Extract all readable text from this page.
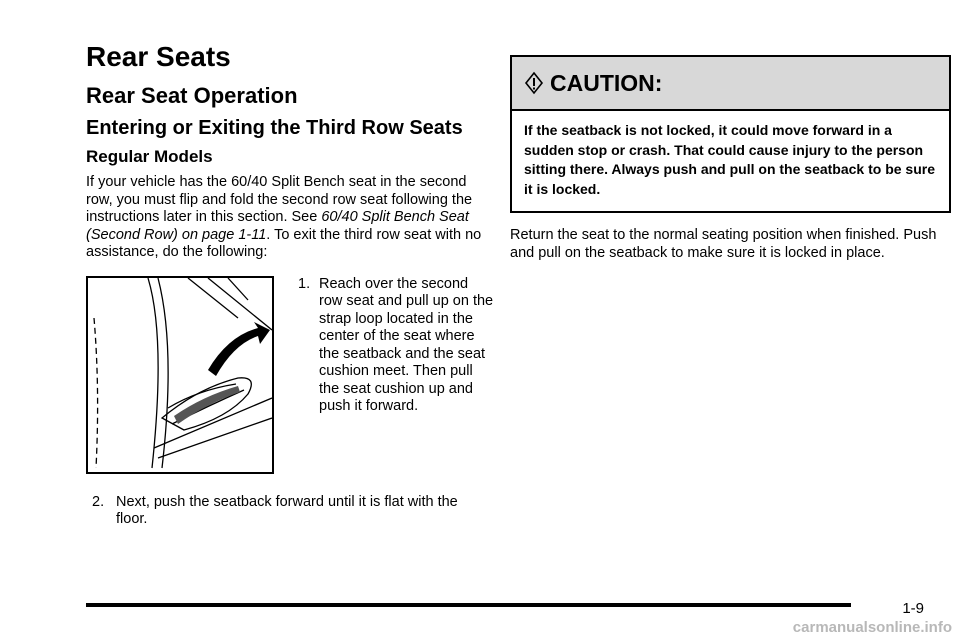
Rear Seats
Rear Seat Operation
Entering or Exiting the Third Row Seats
Regular Models

If your vehicle has the 60/40 Split Bench seat in the second row, you must flip and fold the second row seat following the instructions later in this section. See 60/40 Split Bench Seat (Second Row) on page 1-11. To exit the third row seat with no assistance, do the following:

1. Reach over the second row seat and pull up on the strap loop located in the center of the seat where the seatback and the seat cushion meet. Then pull the seat cushion up and push it forward.
2. Next, push the seatback forward until it is flat with the floor.
CAUTION:
If the seatback is not locked, it could move forward in a sudden stop or crash. That could cause injury to the person sitting there. Always push and pull on the seatback to be sure it is locked.

Return the seat to the normal seating position when finished. Push and pull on the seatback to make sure it is locked in place.

1-9
carmanualsonline.info
